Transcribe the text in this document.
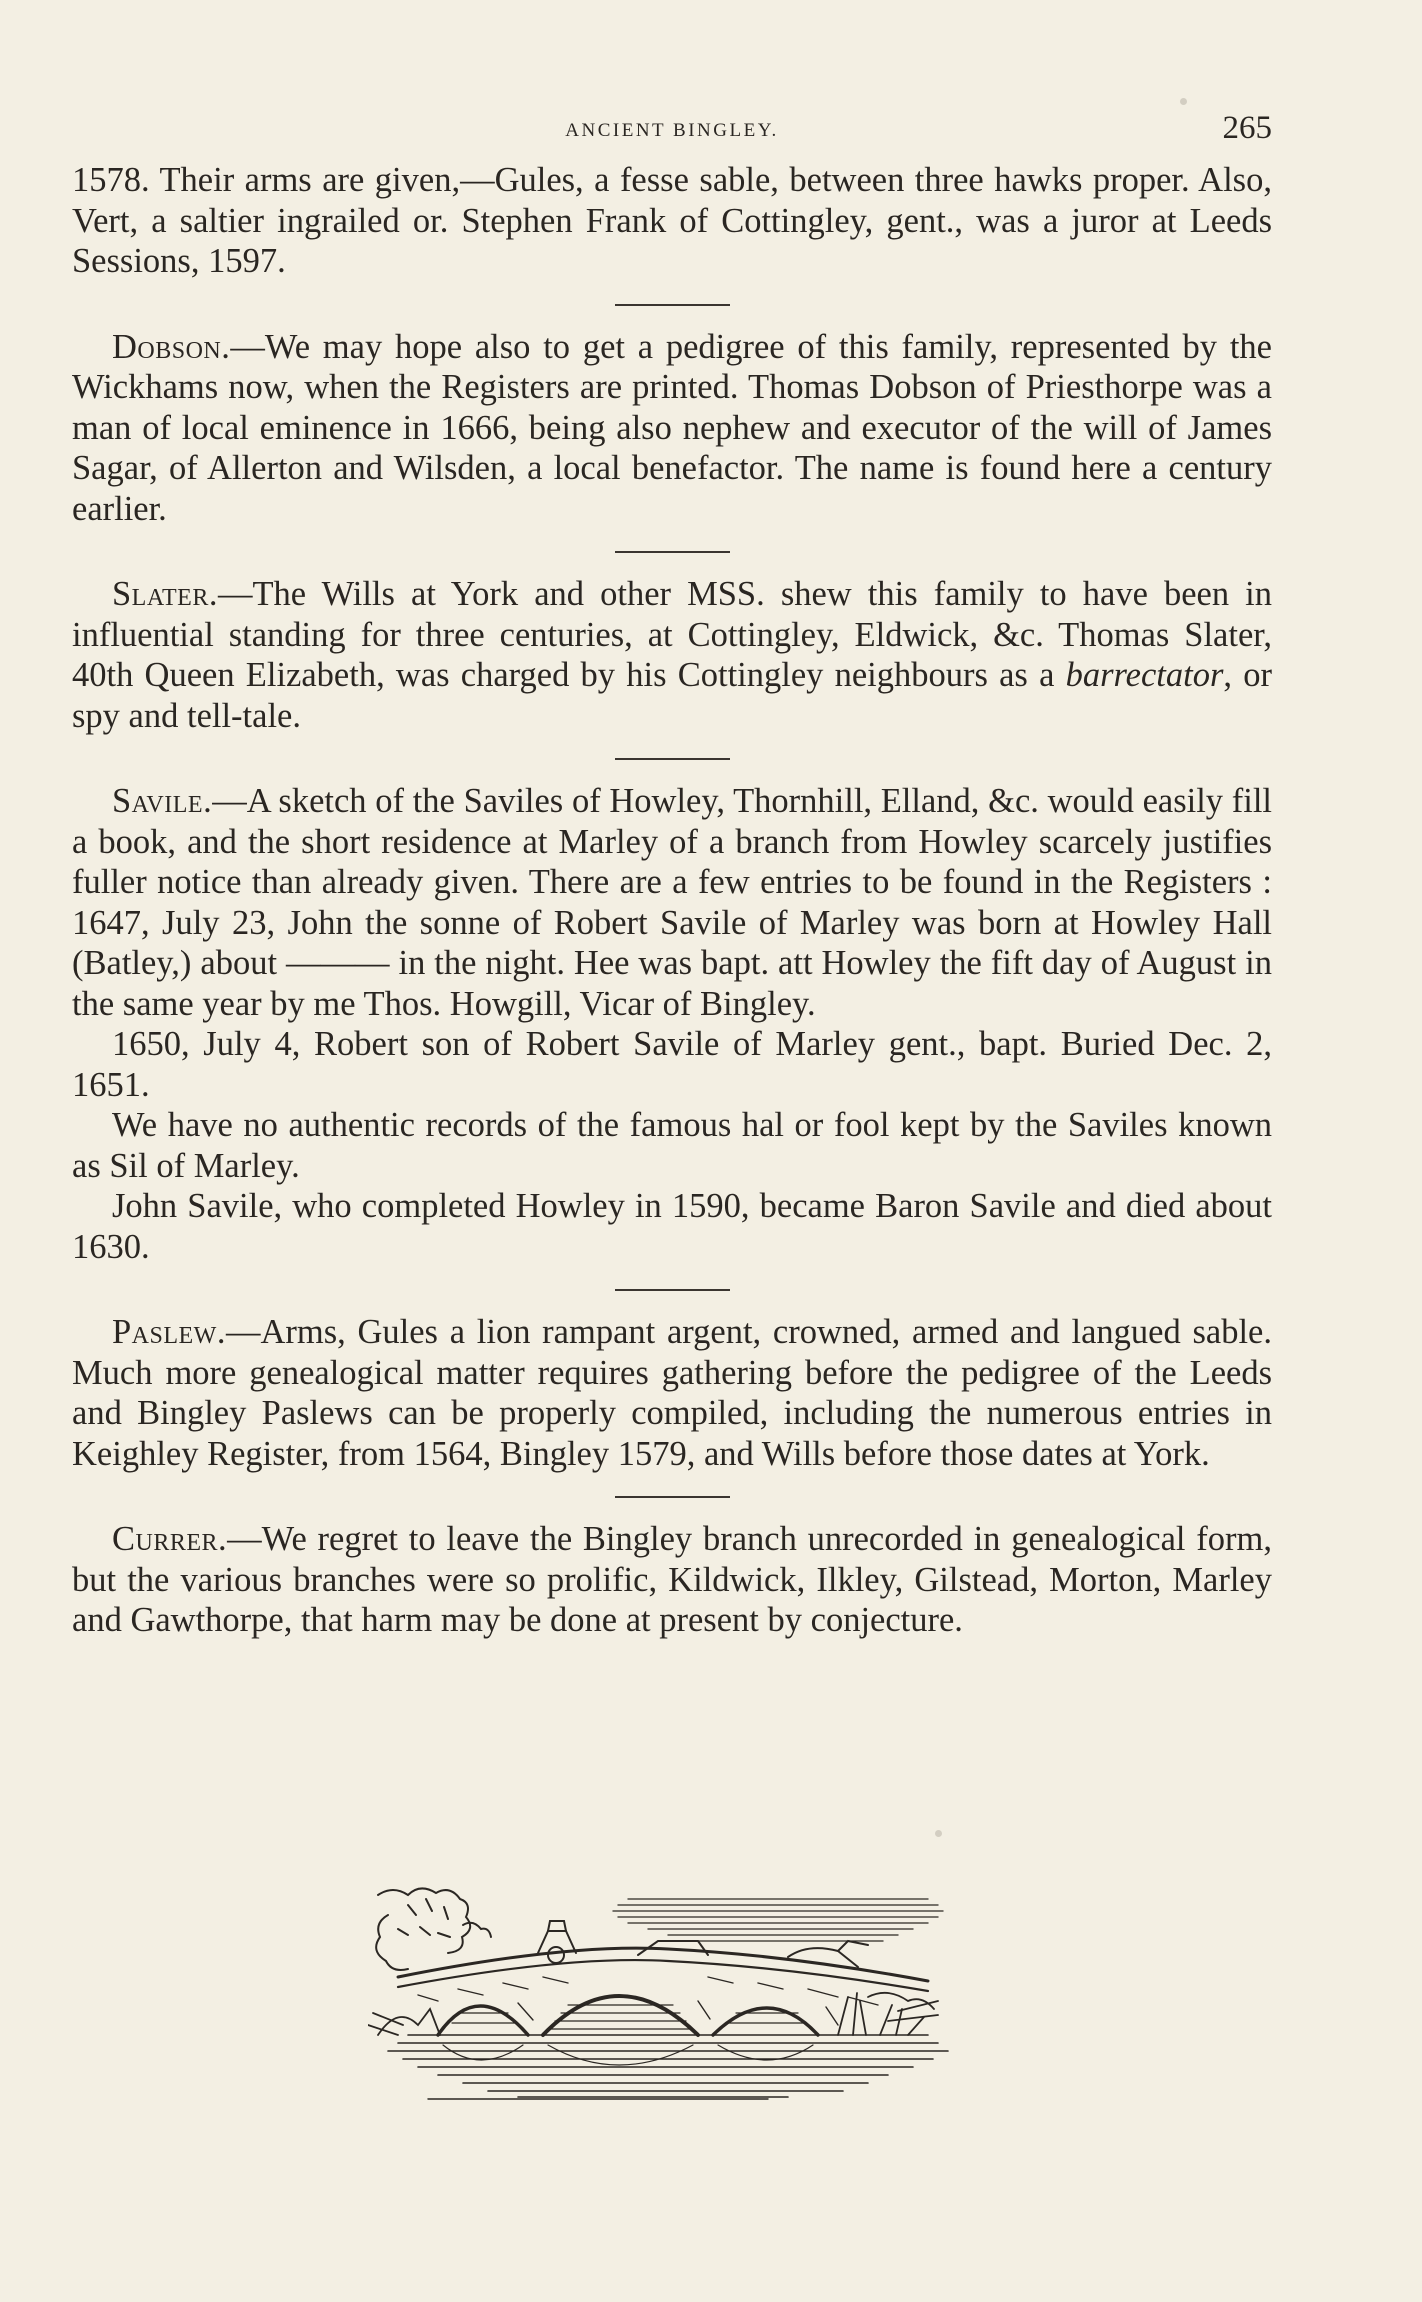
ANCIENT BINGLEY.	265

1578. Their arms are given,—Gules, a fesse sable, between three hawks proper. Also, Vert, a saltier ingrailed or. Stephen Frank of Cottingley, gent., was a juror at Leeds Sessions, 1597.

Dobson.—We may hope also to get a pedigree of this family, represented by the Wickhams now, when the Registers are printed. Thomas Dobson of Priesthorpe was a man of local eminence in 1666, being also nephew and executor of the will of James Sagar, of Allerton and Wilsden, a local benefactor. The name is found here a century earlier.

Slater.—The Wills at York and other MSS. shew this family to have been in influential standing for three centuries, at Cottingley, Eldwick, &c. Thomas Slater, 40th Queen Elizabeth, was charged by his Cottingley neighbours as a barrectator, or spy and tell-tale.

Savile.—A sketch of the Saviles of Howley, Thornhill, Elland, &c. would easily fill a book, and the short residence at Marley of a branch from Howley scarcely justifies fuller notice than already given. There are a few entries to be found in the Registers : 1647, July 23, John the sonne of Robert Savile of Marley was born at Howley Hall (Batley,) about ——— in the night. Hee was bapt. att Howley the fift day of August in the same year by me Thos. Howgill, Vicar of Bingley.

1650, July 4, Robert son of Robert Savile of Marley gent., bapt. Buried Dec. 2, 1651.

We have no authentic records of the famous hal or fool kept by the Saviles known as Sil of Marley.

John Savile, who completed Howley in 1590, became Baron Savile and died about 1630.

Paslew.—Arms, Gules a lion rampant argent, crowned, armed and langued sable. Much more genealogical matter requires gathering before the pedigree of the Leeds and Bingley Paslews can be properly compiled, including the numerous entries in Keighley Register, from 1564, Bingley 1579, and Wills before those dates at York.

Currer.—We regret to leave the Bingley branch unrecorded in genealogical form, but the various branches were so prolific, Kildwick, Ilkley, Gilstead, Morton, Marley and Gawthorpe, that harm may be done at present by conjecture.
